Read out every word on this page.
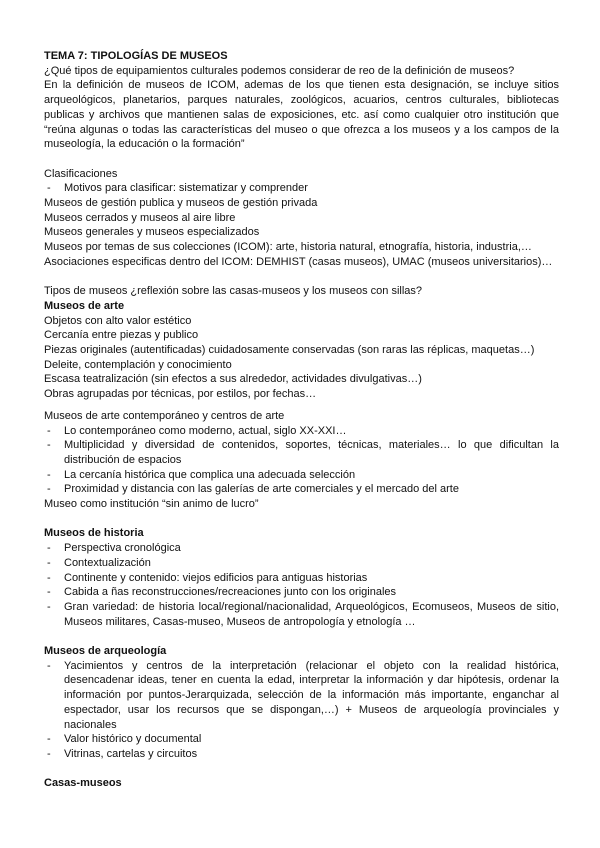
TEMA 7: TIPOLOGÍAS DE MUSEOS
¿Qué tipos de equipamientos culturales podemos considerar de reo de la definición de museos?
En la definición de museos de ICOM, ademas de los que tienen esta designación, se incluye sitios arqueológicos, planetarios, parques naturales, zoológicos, acuarios, centros culturales, bibliotecas publicas y archivos que mantienen salas de exposiciones, etc. así como cualquier otro institución que “reúna algunas o todas las características del museo o que ofrezca a los museos y a los campos de la museología, la educación o la formación”
Clasificaciones
- Motivos para clasificar: sistematizar y comprender
Museos de gestión publica y museos de gestión privada
Museos cerrados y museos al aire libre
Museos generales y museos especializados
Museos por temas de sus colecciones (ICOM): arte, historia natural, etnografía, historia, industria,…
Asociaciones especificas dentro del ICOM: DEMHIST (casas museos), UMAC (museos universitarios)…
Tipos de museos ¿reflexión sobre las casas-museos y los museos con sillas?
Museos de arte
Objetos con alto valor estético
Cercanía entre piezas y publico
Piezas originales (autentificadas) cuidadosamente conservadas (son raras las réplicas, maquetas…)
Deleite, contemplación y conocimiento
Escasa teatralización (sin efectos a sus alrededor, actividades divulgativas…)
Obras agrupadas por técnicas, por estilos, por fechas…
Museos de arte contemporáneo y centros de arte
- Lo contemporáneo como moderno, actual, siglo XX-XXI…
- Multiplicidad y diversidad de contenidos, soportes, técnicas, materiales… lo que dificultan la distribución de espacios
- La cercanía histórica que complica una adecuada selección
- Proximidad y distancia con las galerías de arte comerciales y el mercado del arte
Museo como institución “sin animo de lucro”
Museos de historia
- Perspectiva cronológica
- Contextualización
- Continente y contenido: viejos edificios para antiguas historias
- Cabida a ñas reconstrucciones/recreaciones junto con los originales
- Gran variedad: de historia local/regional/nacionalidad, Arqueológicos, Ecomuseos, Museos de sitio, Museos militares, Casas-museo, Museos de antropología y etnología …
Museos de arqueología
- Yacimientos y centros de la interpretación (relacionar el objeto con la realidad histórica, desencadenar ideas, tener en cuenta la edad, interpretar la información y dar hipótesis, ordenar la información por puntos-Jerarquizada, selección de la información más importante, enganchar al espectador, usar los recursos que se dispongan,…) + Museos de arqueología provinciales y nacionales
- Valor histórico y documental
- Vitrinas, cartelas y circuitos
Casas-museos
